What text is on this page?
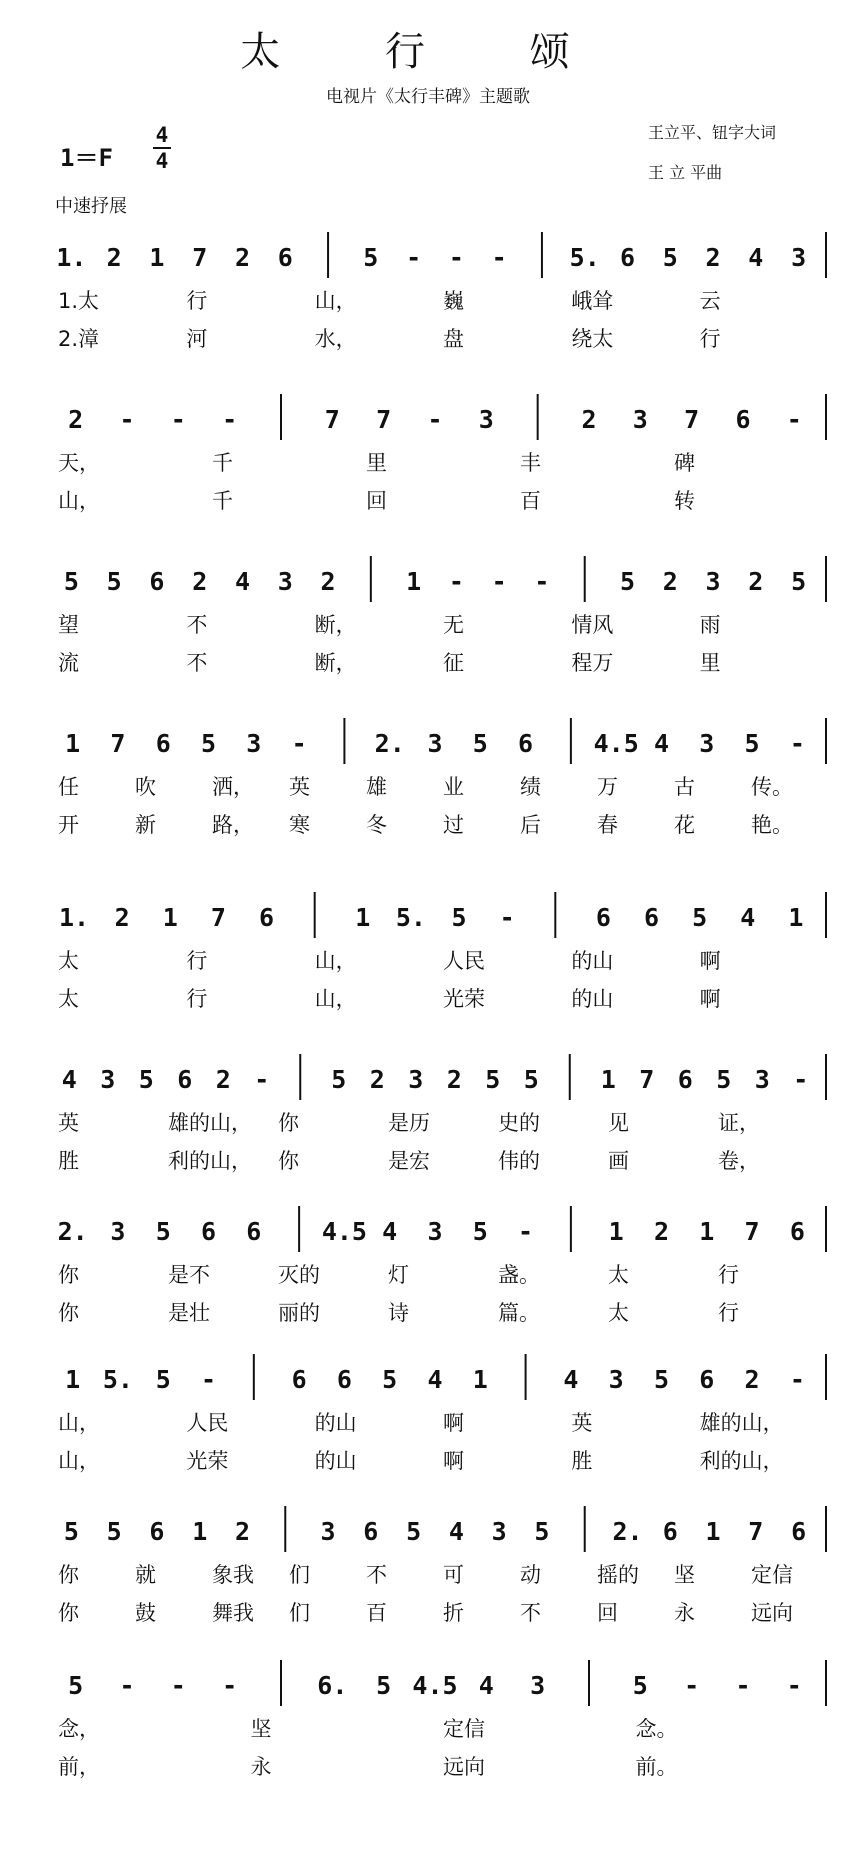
太 行 颂
电视片《太行丰碑》主题歌
王立平、钮字大词
王 立 平曲
1＝F
4
4
中速抒展
1. 2 1 7 2 6	5 - - -	5. 6 5 2 4 3
1.太	行	山，	巍	峨耸	云
2.漳	河	水，	盘	绕太	行
2 - - -	7 7 - 3	2 3 7 6 -
天，	千	里	丰	碑
山，	千	回	百	转
5 5 6 2 4 3 2	1 - - -	5 2 3 2 5
望	不	断，	无	情风	雨
流	不	断，	征	程万	里
1 7 6 5 3 -	2. 3 5 6 4.5 4 3 5 -
任	吹	洒， 英	雄	业	绩	万	古	传。
开	新	路， 寒	冬	过	后	春	花	艳。
1. 2 1 7 6	1 5. 5 -	6 6 5 4 1
太	行	山，	人民	的山	啊
太	行	山，	光荣	的山	啊
4 3 5 6 2 - 5 2 3 2 5 5 1 7 6 5 3 -
英	雄的山， 你	是历	史的	见	证，
胜	利的山， 你	是宏	伟的	画	卷，
2. 3 5 6 6 4.5 4 3 5 -	1 2 1 7 6
你	是不	灭的	灯	盏。	太	行
你	是壮	丽的	诗	篇。	太	行
1 5. 5 -	6 6 5 4 1	4 3 5 6 2 -
山，	人民	的山	啊	英	雄的山，
山，	光荣	的山	啊	胜	利的山，
5 5 6 1 2	3 6 5 4 3 5	2. 6 1 7 6
你	就	象我 们	不	可	动	摇的 坚	定信
你	鼓	舞我 们	百	折	不	回	永	远向
5 - - -	6. 5 4.5 4 3	5 - - -
念，	坚	定信	念。
前，	永	远向	前。
